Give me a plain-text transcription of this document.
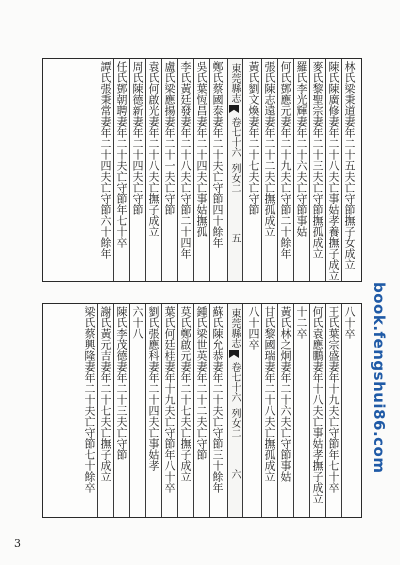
林氏梁秉道妻年二十五夫亡守節撫子女成立
陳氏陳廣修妻年二十八夫亡事姑孝養撫子成立
麥氏黎聖宗妻年二十三夫亡守節撫孤成立
羅氏李光輝妻年二十六夫亡守節事姑
何氏鄧應元妻年二十九夫亡守節二十餘年
張氏陳志遠妻年二十二夫亡撫孤成立
黃氏劉文煥妻年二十七夫亡守節
東莞縣志
卷七十六
列女二
五
鄭氏蔡國泰妻年二十夫亡守節四十餘年
吳氏葉恆昌妻年二十四夫亡事姑撫孤
李氏黃廷發妻年二十八夫亡守節二十四年
盧氏梁應揚妻年二十一夫亡守節
袁氏何啟光妻年二十八夫亡撫子成立
周氏陳德新妻年二十四夫亡守節
任氏鄧朝聘妻年二十夫亡守節年七十卒
譚氏張秉常妻年二十四夫亡守節六十餘年
八十卒
王氏葉宗盛妻年十九夫亡守節年七十卒
何氏袁應鵬妻年十八夫亡事姑孝撫子成立
十二卒
黃氏林之炯妻年二十六夫亡守節事姑
甘氏黎國瑞妻年二十八夫亡撫孤成立
八十四卒
東莞縣志
卷七十六
列女二
六
蘇氏陳允恭妻年二十夫亡守節三十餘年
鍾氏梁世英妻年二十二夫亡守節
莫氏鄭啟元妻年二十七夫亡撫子成立
葉氏何廷桂妻年十九夫亡守節年八十卒
劉氏張應科妻年二十四夫亡事姑孝
六十八
陳氏李茂德妻年二十三夫亡守節
謝氏黃元吉妻年二十七夫亡撫子成立
梁氏蔡興隆妻年二十夫亡守節七十餘卒	book.fengshui86.com
3
